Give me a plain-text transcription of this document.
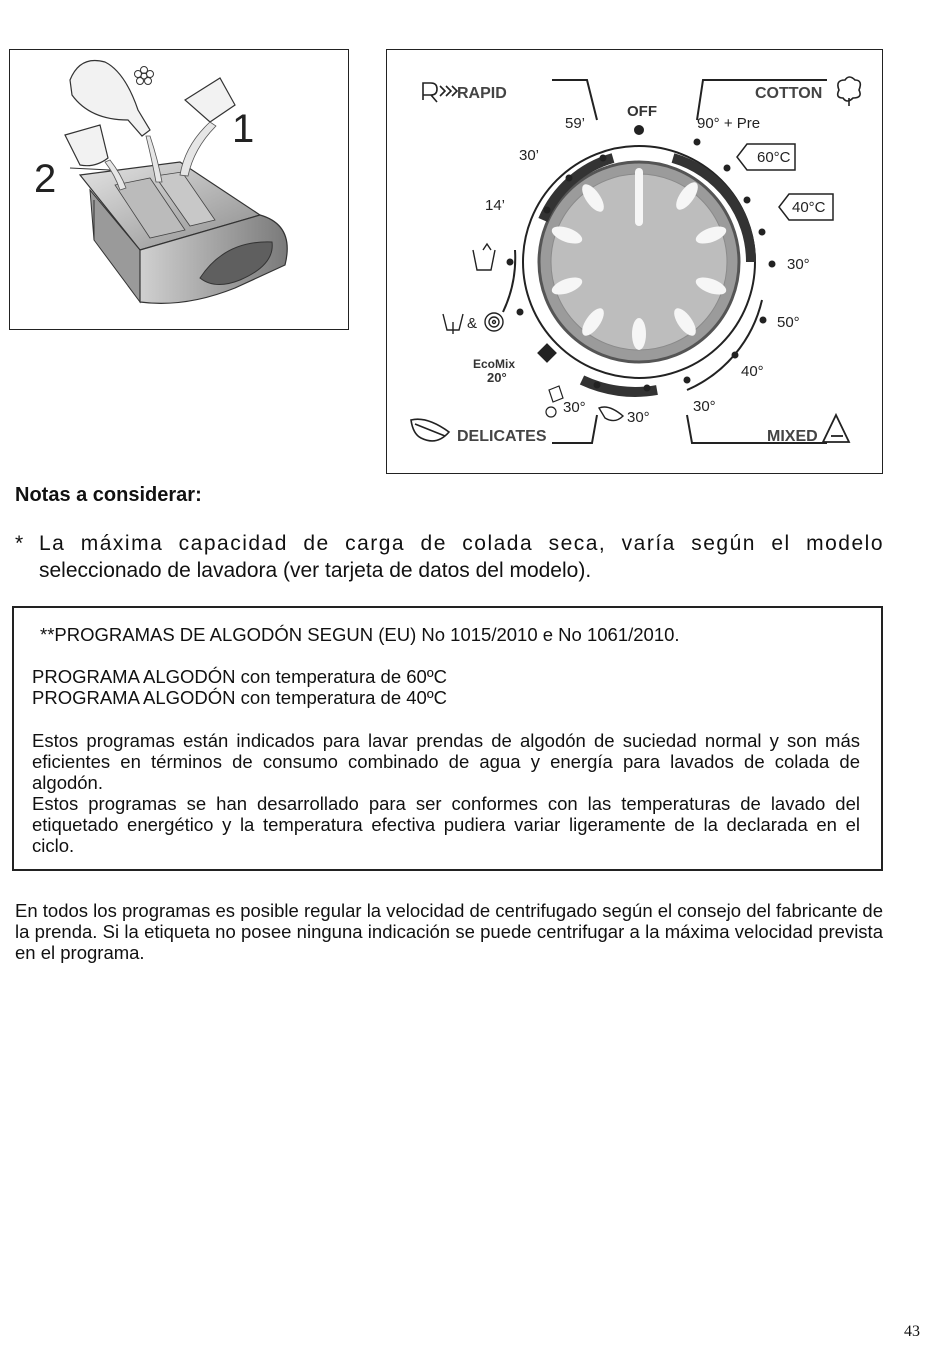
1
2
RAPID	COTTON
DELICATES	MIXED
OFF
59’
30’
14’
90° + Pre
60°C
40°C
30°
50°
40°
30°
30°
30°
EcoMix
20°
&
Notas a considerar:
* La máxima capacidad de carga de colada seca, varía según el modelo
seleccionado de lavadora (ver tarjeta de datos del modelo).
**PROGRAMAS DE ALGODÓN SEGUN (EU) No 1015/2010 e No 1061/2010.
PROGRAMA ALGODÓN con temperatura de 60ºC
PROGRAMA ALGODÓN con temperatura de 40ºC
Estos programas están indicados para lavar prendas de algodón de suciedad normal y son más eficientes en términos de consumo combinado de agua y energía para lavados de colada de algodón.
Estos programas se han desarrollado para ser conformes con las temperaturas de lavado del etiquetado energético y la temperatura efectiva pudiera variar ligeramente de la declarada en el ciclo.

En todos los programas es posible regular la velocidad de centrifugado según el consejo del fabricante de la prenda. Si la etiqueta no posee ninguna indicación se puede centrifugar a la máxima velocidad prevista en el programa.

43
